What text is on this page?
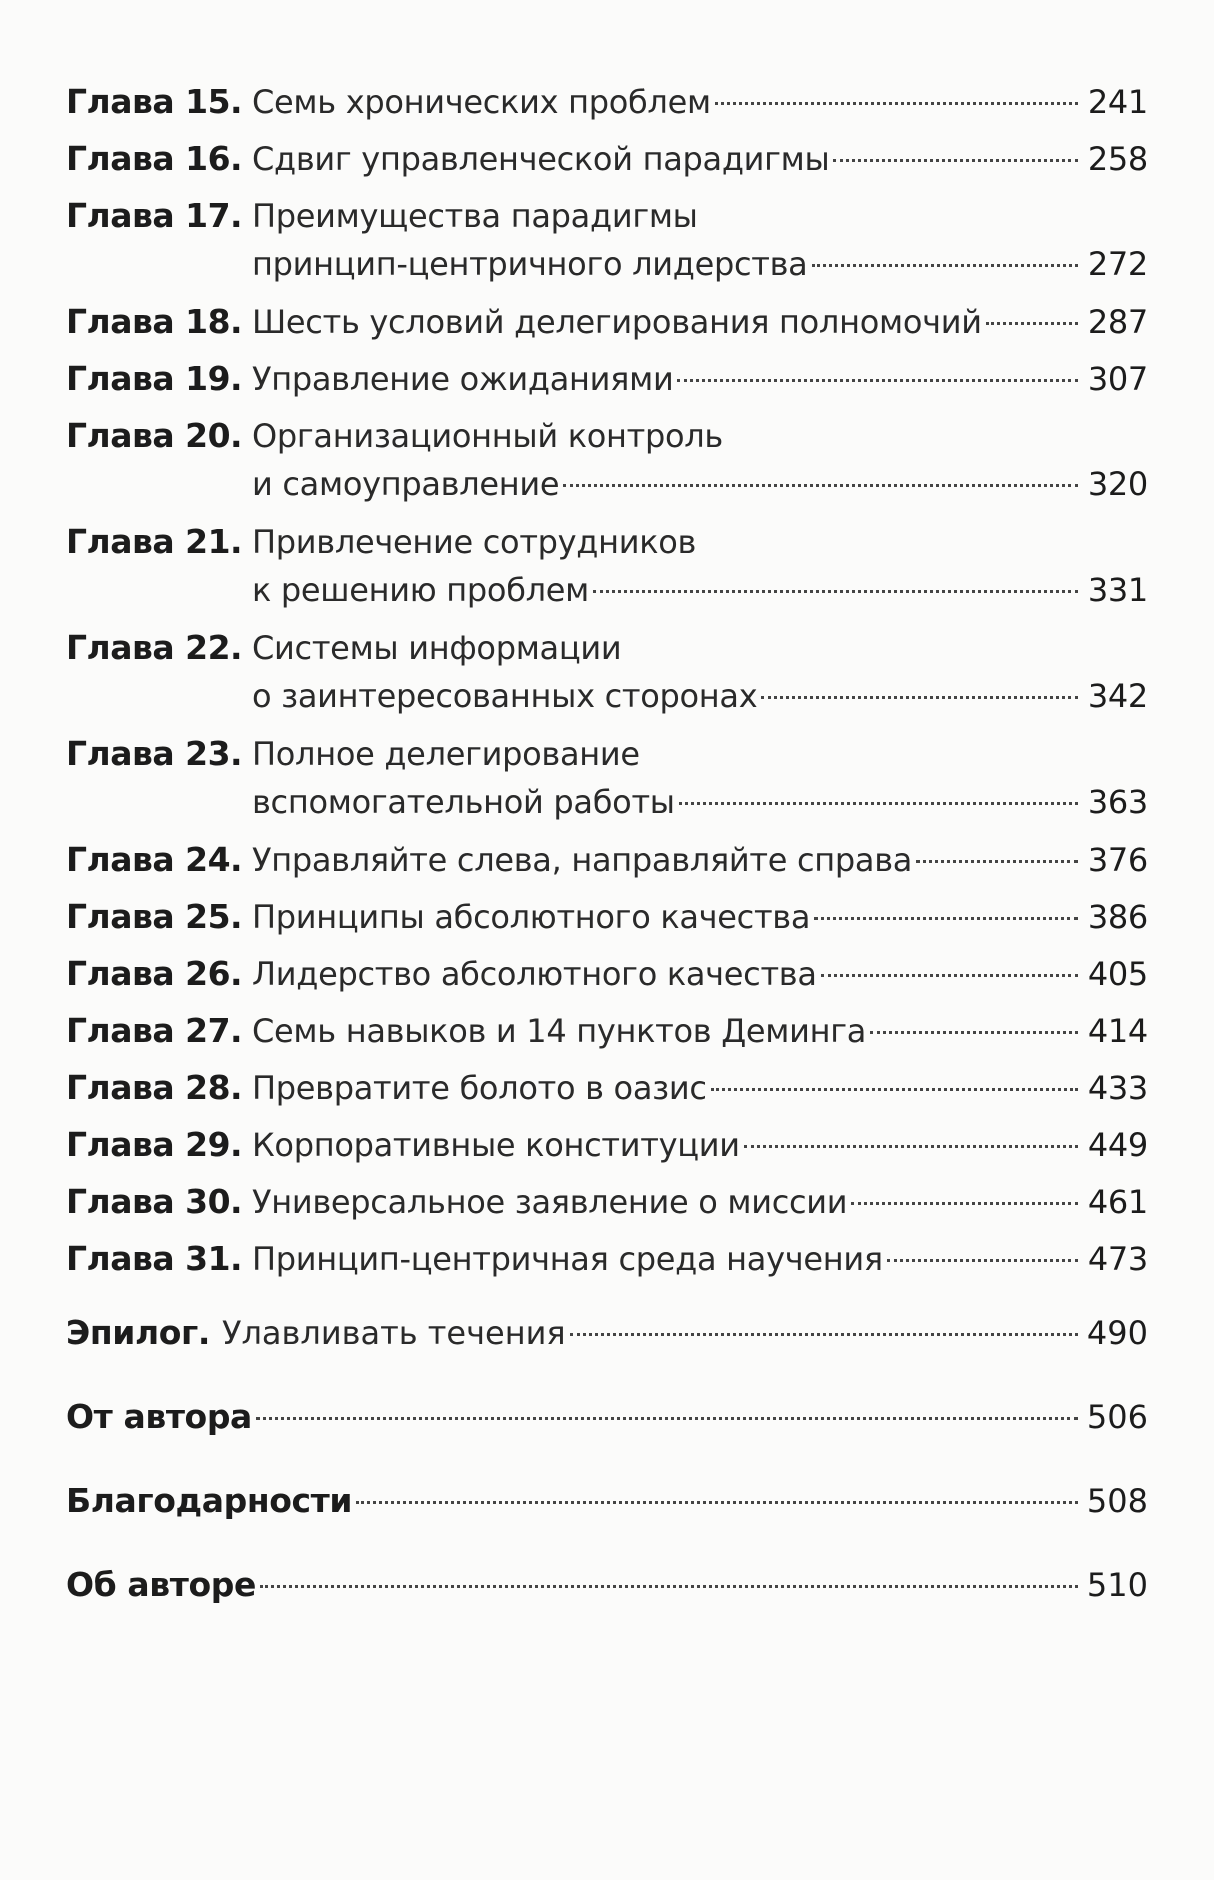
Глава 15. Семь хронических проблем	241
Глава 16. Сдвиг управленческой парадигмы	258
Глава 17. Преимущества парадигмы
принцип-центричного лидерства	272
Глава 18. Шесть условий делегирования полномочий	287
Глава 19. Управление ожиданиями	307
Глава 20. Организационный контроль
и самоуправление	320
Глава 21. Привлечение сотрудников
к решению проблем	331
Глава 22. Системы информации
о заинтересованных сторонах	342
Глава 23. Полное делегирование
вспомогательной работы	363
Глава 24. Управляйте слева, направляйте справа	376
Глава 25. Принципы абсолютного качества	386
Глава 26. Лидерство абсолютного качества	405
Глава 27. Семь навыков и 14 пунктов Деминга	414
Глава 28. Превратите болото в оазис	433
Глава 29. Корпоративные конституции	449
Глава 30. Универсальное заявление о миссии	461
Глава 31. Принцип-центричная среда научения	473
Эпилог. Улавливать течения	490
От автора	506
Благодарности	508
Об авторе	510
